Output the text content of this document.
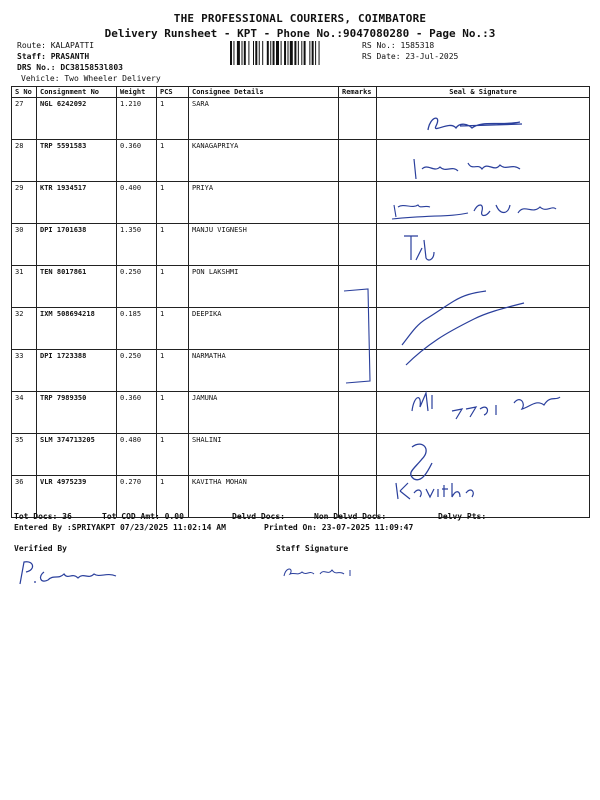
THE PROFESSIONAL COURIERS, COIMBATORE
Delivery Runsheet - KPT - Phone No.:9047080280 - Page No.:3
Route: KALAPATTI
Staff: PRASANTH
DRS No.: DC3815853l803
Vehicle: Two Wheeler Delivery
RS No.: 1585318
RS Date: 23-Jul-2025
S No	Consignment No	Weight	PCS	Consignee Details	Remarks	Seal & Signature
27	NGL 6242092	1.210	1	SARA		
28	TRP 5591583	0.360	1	KANAGAPRIYA		
29	KTR 1934517	0.400	1	PRIYA		
30	DPI 1701638	1.350	1	MANJU VIGNESH		
31	TEN 8017861	0.250	1	PON LAKSHMI		
32	IXM 508694218	0.185	1	DEEPIKA		
33	DPI 1723388	0.250	1	NARMATHA		
34	TRP 7989350	0.360	1	JAMUNA		
35	SLM 374713205	0.480	1	SHALINI		
36	VLR 4975239	0.270	1	KAVITHA MOHAN		
Tot Docs: 36	Tot COD Amt: 0.00	Delvd Docs:	Non Delvd Docs:	Delvy Pts:
Entered By :SPRIYAKPT 07/23/2025 11:02:14 AM	Printed On: 23-07-2025 11:09:47
Verified By	Staff Signature
